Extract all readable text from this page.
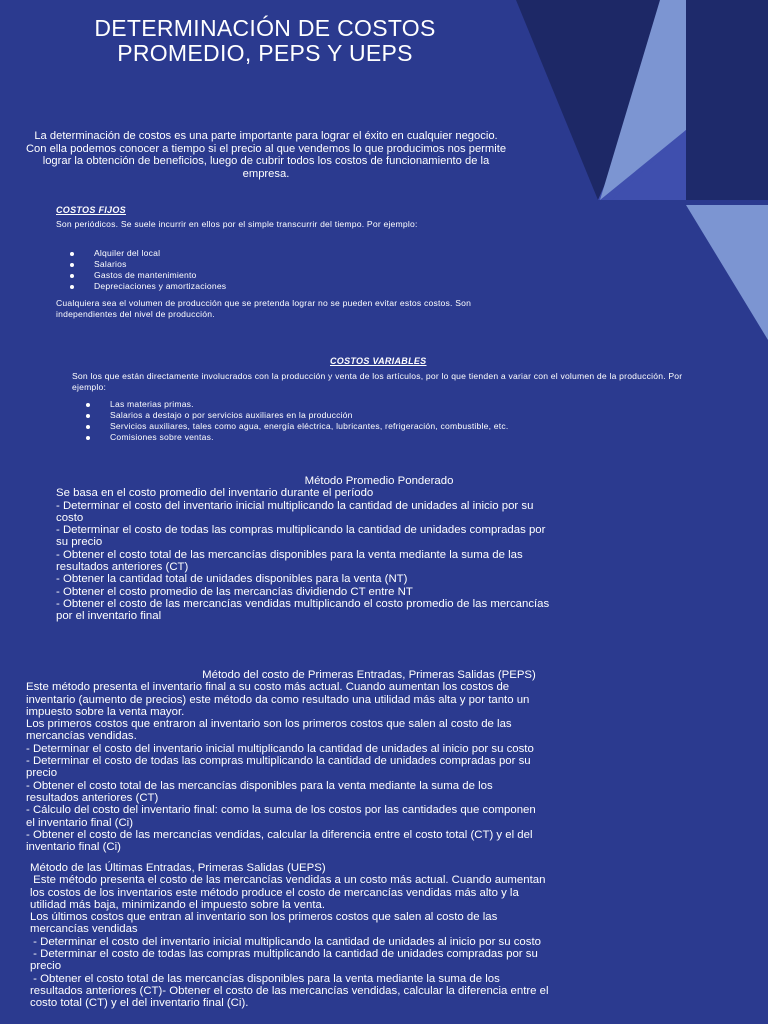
DETERMINACIÓN DE COSTOS
PROMEDIO, PEPS Y UEPS
La determinación de costos es una parte importante para lograr el éxito en cualquier negocio. Con ella podemos conocer a tiempo si el precio al que vendemos lo que producimos nos permite lograr la obtención de beneficios, luego de cubrir todos los costos de funcionamiento de la empresa.
COSTOS FIJOS
Son periódicos. Se suele incurrir en ellos por el simple transcurrir del tiempo. Por ejemplo:
Alquiler del local
Salarios
Gastos de mantenimiento
Depreciaciones y amortizaciones
Cualquiera sea el volumen de producción que se pretenda lograr no se pueden evitar estos costos. Son independientes del nivel de producción.
COSTOS VARIABLES
Son los que están directamente involucrados con la producción y venta de los artículos, por lo que tienden a variar con el volumen de la producción. Por ejemplo:
Las materias primas.
Salarios a destajo o por servicios auxiliares en la producción
Servicios auxiliares, tales como agua, energía eléctrica, lubricantes, refrigeración, combustible, etc.
Comisiones sobre ventas.
Método Promedio Ponderado
Se basa en el costo promedio del inventario durante el período
- Determinar el costo del inventario inicial multiplicando la cantidad de unidades al inicio por su
costo
- Determinar el costo de todas las compras multiplicando la cantidad de unidades compradas por
su precio
- Obtener el costo total de las mercancías disponibles para la venta mediante la suma de las
resultados anteriores (CT)
- Obtener la cantidad total de unidades disponibles para la venta (NT)
- Obtener el costo promedio de las mercancías dividiendo CT entre NT
- Obtener el costo de las mercancías vendidas multiplicando el costo promedio de las mercancías
por el inventario final
Método del costo de Primeras Entradas, Primeras Salidas (PEPS)
Este método presenta el inventario final a su costo más actual. Cuando aumentan los costos de
inventario (aumento de precios) este método da como resultado una utilidad más alta y por tanto un
impuesto sobre la venta mayor.
Los primeros costos que entraron al inventario son los primeros costos que salen al costo de las
mercancías vendidas.
- Determinar el costo del inventario inicial multiplicando la cantidad de unidades al inicio por su costo
- Determinar el costo de todas las compras multiplicando la cantidad de unidades compradas por su
precio
- Obtener el costo total de las mercancías disponibles para la venta mediante la suma de los
resultados anteriores (CT)
- Cálculo del costo del inventario final: como la suma de los costos por las cantidades que componen
el inventario final (Ci)
- Obtener el costo de las mercancías vendidas, calcular la diferencia entre el costo total (CT) y el del
inventario final (Ci)
Método de las Últimas Entradas, Primeras Salidas (UEPS)
Este método presenta el costo de las mercancías vendidas a un costo más actual. Cuando aumentan
los costos de los inventarios este método produce el costo de mercancías vendidas más alto y la
utilidad más baja, minimizando el impuesto sobre la venta.
Los últimos costos que entran al inventario son los primeros costos que salen al costo de las
mercancías vendidas
- Determinar el costo del inventario inicial multiplicando la cantidad de unidades al inicio por su costo
- Determinar el costo de todas las compras multiplicando la cantidad de unidades compradas por su
precio
- Obtener el costo total de las mercancías disponibles para la venta mediante la suma de los
resultados anteriores (CT)- Obtener el costo de las mercancías vendidas, calcular la diferencia entre el
costo total (CT) y el del inventario final (Ci).
